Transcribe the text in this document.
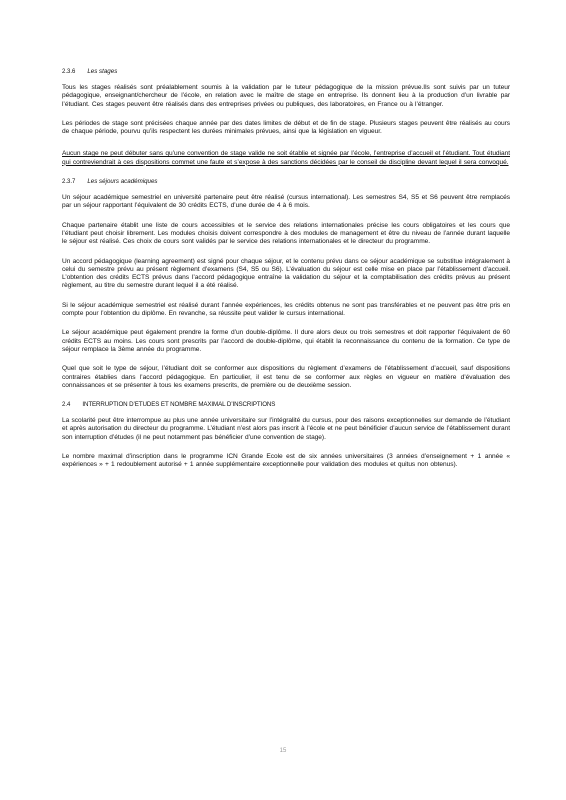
2.3.6 Les stages

Tous les stages réalisés sont préalablement soumis à la validation par le tuteur pédagogique de la mission prévue.Ils sont suivis par un tuteur pédagogique, enseignant/chercheur de l’école, en relation avec le maître de stage en entreprise. Ils donnent lieu à la production d’un livrable par l’étudiant. Ces stages peuvent être réalisés dans des entreprises privées ou publiques, des laboratoires, en France ou à l’étranger.

Les périodes de stage sont précisées chaque année par des dates limites de début et de fin de stage. Plusieurs stages peuvent être réalisés au cours de chaque période, pourvu qu’ils respectent les durées minimales prévues, ainsi que la législation en vigueur.

Aucun stage ne peut débuter sans qu’une convention de stage valide ne soit établie et signée par l’école, l’entreprise d’accueil et l’étudiant. Tout étudiant qui contreviendrait à ces dispositions commet une faute et s’expose à des sanctions décidées par le conseil de discipline devant lequel il sera convoqué.

2.3.7 Les séjours académiques

Un séjour académique semestriel en université partenaire peut être réalisé (cursus international). Les semestres S4, S5 et S6 peuvent être remplacés par un séjour rapportant l’équivalent de 30 crédits ECTS, d’une durée de 4 à 6 mois.

Chaque partenaire établit une liste de cours accessibles et le service des relations internationales précise les cours obligatoires et les cours que l’étudiant peut choisir librement. Les modules choisis doivent correspondre à des modules de management et être du niveau de l’année durant laquelle le séjour est réalisé. Ces choix de cours sont validés par le service des relations internationales et le directeur du programme.

Un accord pédagogique (learning agreement) est signé pour chaque séjour, et le contenu prévu dans ce séjour académique se substitue intégralement à celui du semestre prévu au présent règlement d’examens (S4, S5 ou S6). L’évaluation du séjour est celle mise en place par l’établissement d’accueil. L’obtention des crédits ECTS prévus dans l’accord pédagogique entraîne la validation du séjour et la comptabilisation des crédits prévus au présent règlement, au titre du semestre durant lequel il a été réalisé.

Si le séjour académique semestriel est réalisé durant l’année expériences, les crédits obtenus ne sont pas transférables et ne peuvent pas être pris en compte pour l’obtention du diplôme. En revanche, sa réussite peut valider le cursus international.

Le séjour académique peut également prendre la forme d’un double-diplôme. Il dure alors deux ou trois semestres et doit rapporter l’équivalent de 60 crédits ECTS au moins. Les cours sont prescrits par l’accord de double-diplôme, qui établit la reconnaissance du contenu de la formation. Ce type de séjour remplace la 3ème année du programme.

Quel que soit le type de séjour, l’étudiant doit se conformer aux dispositions du règlement d’examens de l’établissement d’accueil, sauf dispositions contraires établies dans l’accord pédagogique. En particulier, il est tenu de se conformer aux règles en vigueur en matière d’évaluation des connaissances et se présenter à tous les examens prescrits, de première ou de deuxième session.

2.4 INTERRUPTION D’ETUDES ET NOMBRE MAXIMAL D’INSCRIPTIONS

La scolarité peut être interrompue au plus une année universitaire sur l’intégralité du cursus, pour des raisons exceptionnelles sur demande de l’étudiant et après autorisation du directeur du programme. L’étudiant n’est alors pas inscrit à l’école et ne peut bénéficier d’aucun service de l’établissement durant son interruption d’études (il ne peut notamment pas bénéficier d’une convention de stage).

Le nombre maximal d’inscription dans le programme ICN Grande Ecole est de six années universitaires (3 années d’enseignement + 1 année « expériences » + 1 redoublement autorisé + 1 année supplémentaire exceptionnelle pour validation des modules et quitus non obtenus).

15
